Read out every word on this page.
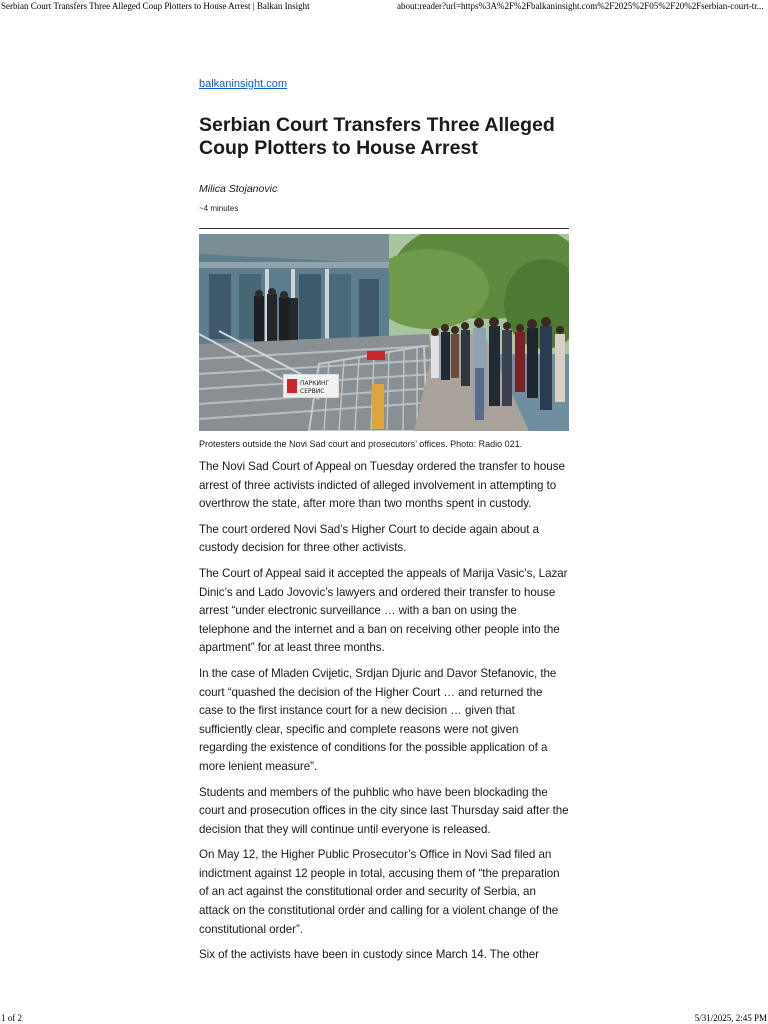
Serbian Court Transfers Three Alleged Coup Plotters to House Arrest | Balkan Insight	about:reader?url=https%3A%2F%2Fbalkaninsight.com%2F2025%2F05%2F20%2Fserbian-court-tr...
balkaninsight.com
Serbian Court Transfers Three Alleged Coup Plotters to House Arrest
Milica Stojanovic
~4 minutes
ПАРКИНГ
СЕРВИС
Protesters outside the Novi Sad court and prosecutors’ offices. Photo: Radio 021.

The Novi Sad Court of Appeal on Tuesday ordered the transfer to house arrest of three activists indicted of alleged involvement in attempting to overthrow the state, after more than two months spent in custody.

The court ordered Novi Sad’s Higher Court to decide again about a custody decision for three other activists.

The Court of Appeal said it accepted the appeals of Marija Vasic’s, Lazar Dinic’s and Lado Jovovic’s lawyers and ordered their transfer to house arrest “under electronic surveillance … with a ban on using the telephone and the internet and a ban on receiving other people into the apartment” for at least three months.

In the case of Mladen Cvijetic, Srdjan Djuric and Davor Stefanovic, the court “quashed the decision of the Higher Court … and returned the case to the first instance court for a new decision … given that sufficiently clear, specific and complete reasons were not given regarding the existence of conditions for the possible application of a more lenient measure”.

Students and members of the puhblic who have been blockading the court and prosecution offices in the city since last Thursday said after the decision that they will continue until everyone is released.

On May 12, the Higher Public Prosecutor’s Office in Novi Sad filed an indictment against 12 people in total, accusing them of “the preparation of an act against the constitutional order and security of Serbia, an attack on the constitutional order and calling for a violent change of the constitutional order”.

Six of the activists have been in custody since March 14. The other

1 of 2	5/31/2025, 2:45 PM
